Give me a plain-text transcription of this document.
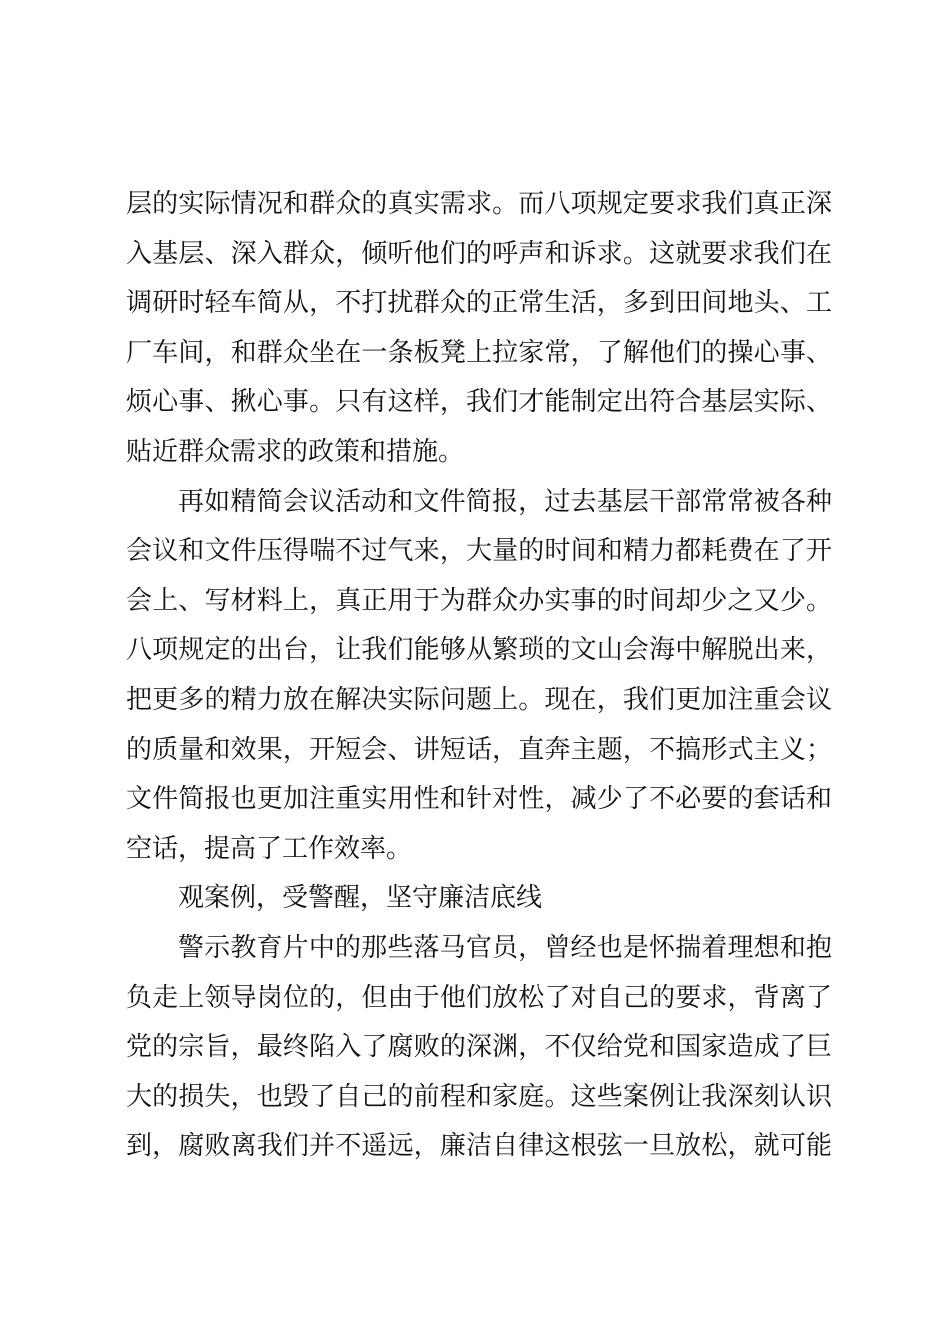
层的实际情况和群众的真实需求。而八项规定要求我们真正深
入基层、深入群众，倾听他们的呼声和诉求。这就要求我们在
调研时轻车简从，不打扰群众的正常生活，多到田间地头、工
厂车间，和群众坐在一条板凳上拉家常，了解他们的操心事、
烦心事、揪心事。只有这样，我们才能制定出符合基层实际、
贴近群众需求的政策和措施。
再如精简会议活动和文件简报，过去基层干部常常被各种
会议和文件压得喘不过气来，大量的时间和精力都耗费在了开
会上、写材料上，真正用于为群众办实事的时间却少之又少。
八项规定的出台，让我们能够从繁琐的文山会海中解脱出来，
把更多的精力放在解决实际问题上。现在，我们更加注重会议
的质量和效果，开短会、讲短话，直奔主题，不搞形式主义；
文件简报也更加注重实用性和针对性，减少了不必要的套话和
空话，提高了工作效率。
观案例，受警醒，坚守廉洁底线
警示教育片中的那些落马官员，曾经也是怀揣着理想和抱
负走上领导岗位的，但由于他们放松了对自己的要求，背离了
党的宗旨，最终陷入了腐败的深渊，不仅给党和国家造成了巨
大的损失，也毁了自己的前程和家庭。这些案例让我深刻认识
到，腐败离我们并不遥远，廉洁自律这根弦一旦放松，就可能
